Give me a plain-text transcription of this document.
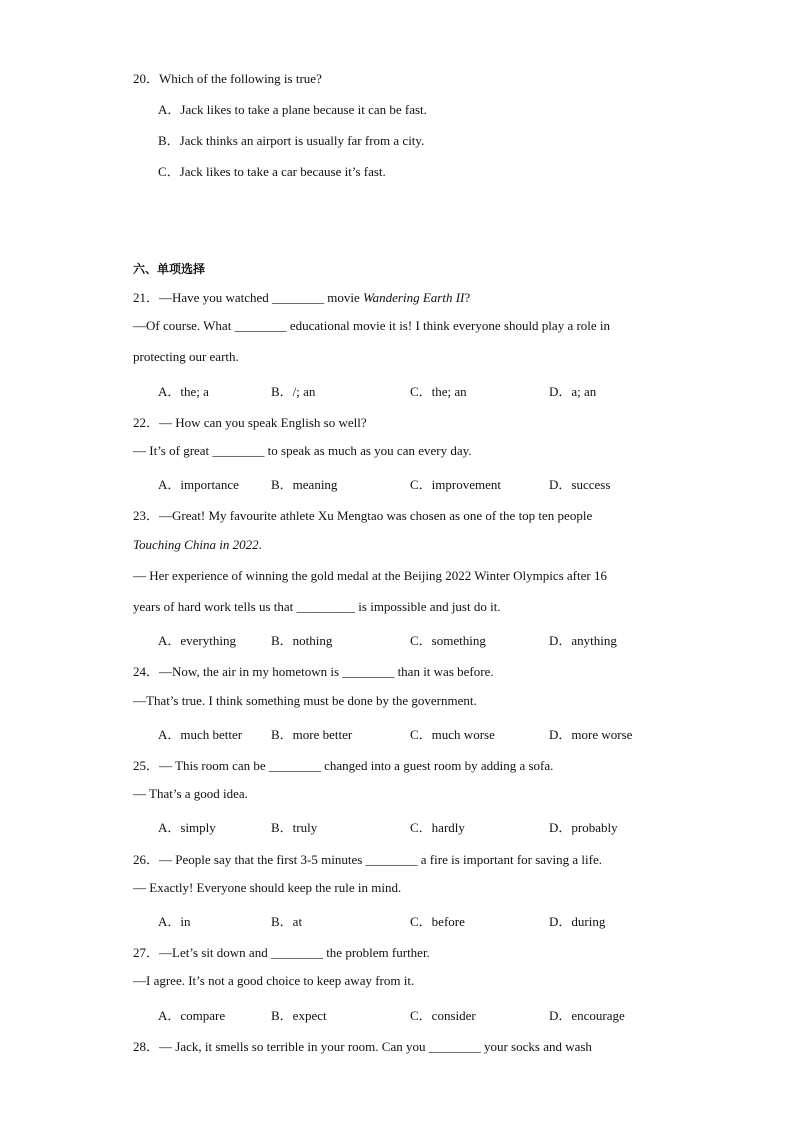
20．Which of the following is true?
A．Jack likes to take a plane because it can be fast.
B．Jack thinks an airport is usually far from a city.
C．Jack likes to take a car because it’s fast.
六、单项选择
21．—Have you watched ________ movie Wandering Earth II?
—Of course. What ________ educational movie it is! I think everyone should play a role in
protecting our earth.
A．the; a	B．/; an	C．the; an	D．a; an
22．— How can you speak English so well?
— It’s of great ________ to speak as much as you can every day.
A．importance B．meaning	C．improvement	D．success
23．—Great! My favourite athlete Xu Mengtao was chosen as one of the top ten people
Touching China in 2022.
— Her experience of winning the gold medal at the Beijing 2022 Winter Olympics after 16
years of hard work tells us that _________ is impossible and just do it.
A．everything	B．nothing	C．something	D．anything
24．—Now, the air in my hometown is ________ than it was before.
—That’s true. I think something must be done by the government.
A．much better B．more better	C．much worse	D．more worse
25．— This room can be ________ changed into a guest room by adding a sofa.
— That’s a good idea.
A．simply	B．truly	C．hardly	D．probably
26．— People say that the first 3-5 minutes ________ a fire is important for saving a life.
— Exactly! Everyone should keep the rule in mind.
A．in	B．at	C．before	D．during
27．—Let’s sit down and ________ the problem further.
—I agree. It’s not a good choice to keep away from it.
A．compare	B．expect	C．consider	D．encourage
28．— Jack, it smells so terrible in your room. Can you ________ your socks and wash
